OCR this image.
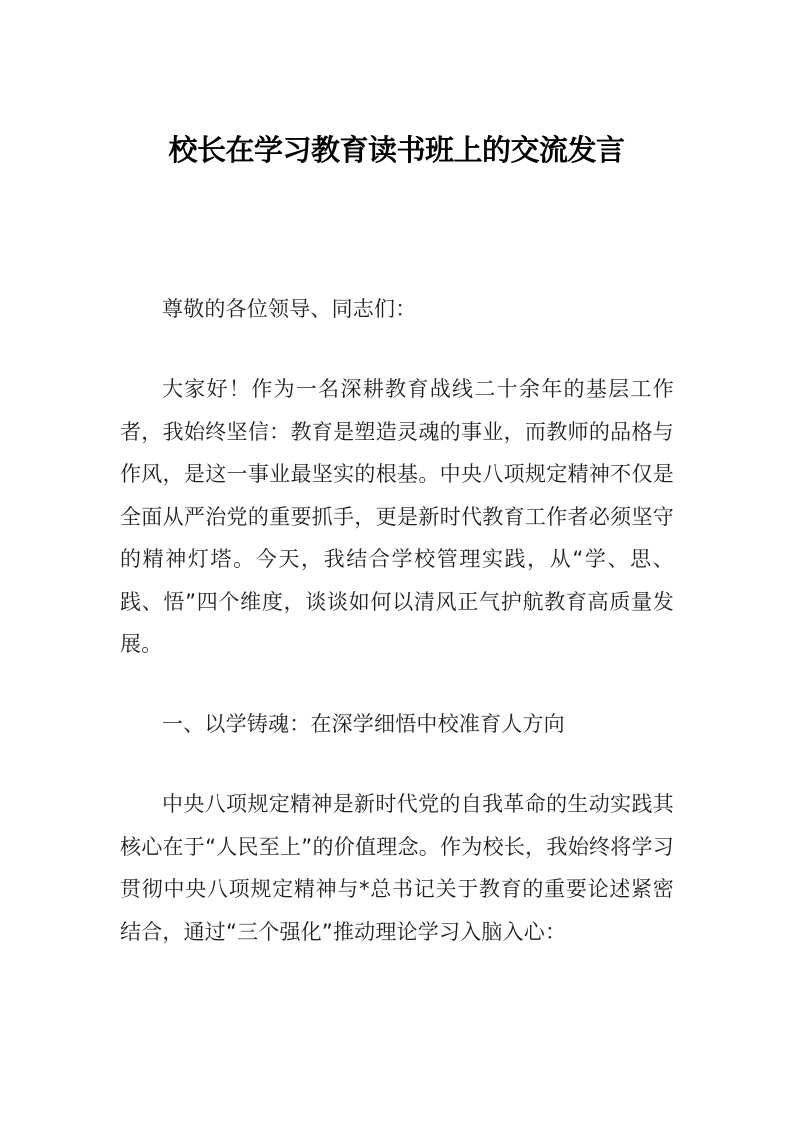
校长在学习教育读书班上的交流发言

尊敬的各位领导、同志们：

大家好！作为一名深耕教育战线二十余年的基层工作者，我始终坚信：教育是塑造灵魂的事业，而教师的品格与作风，是这一事业最坚实的根基。中央八项规定精神不仅是全面从严治党的重要抓手，更是新时代教育工作者必须坚守的精神灯塔。今天，我结合学校管理实践，从“学、思、践、悟”四个维度，谈谈如何以清风正气护航教育高质量发展。

一、以学铸魂：在深学细悟中校准育人方向

中央八项规定精神是新时代党的自我革命的生动实践其核心在于“人民至上”的价值理念。作为校长，我始终将学习贯彻中央八项规定精神与*总书记关于教育的重要论述紧密结合，通过“三个强化”推动理论学习入脑入心：
